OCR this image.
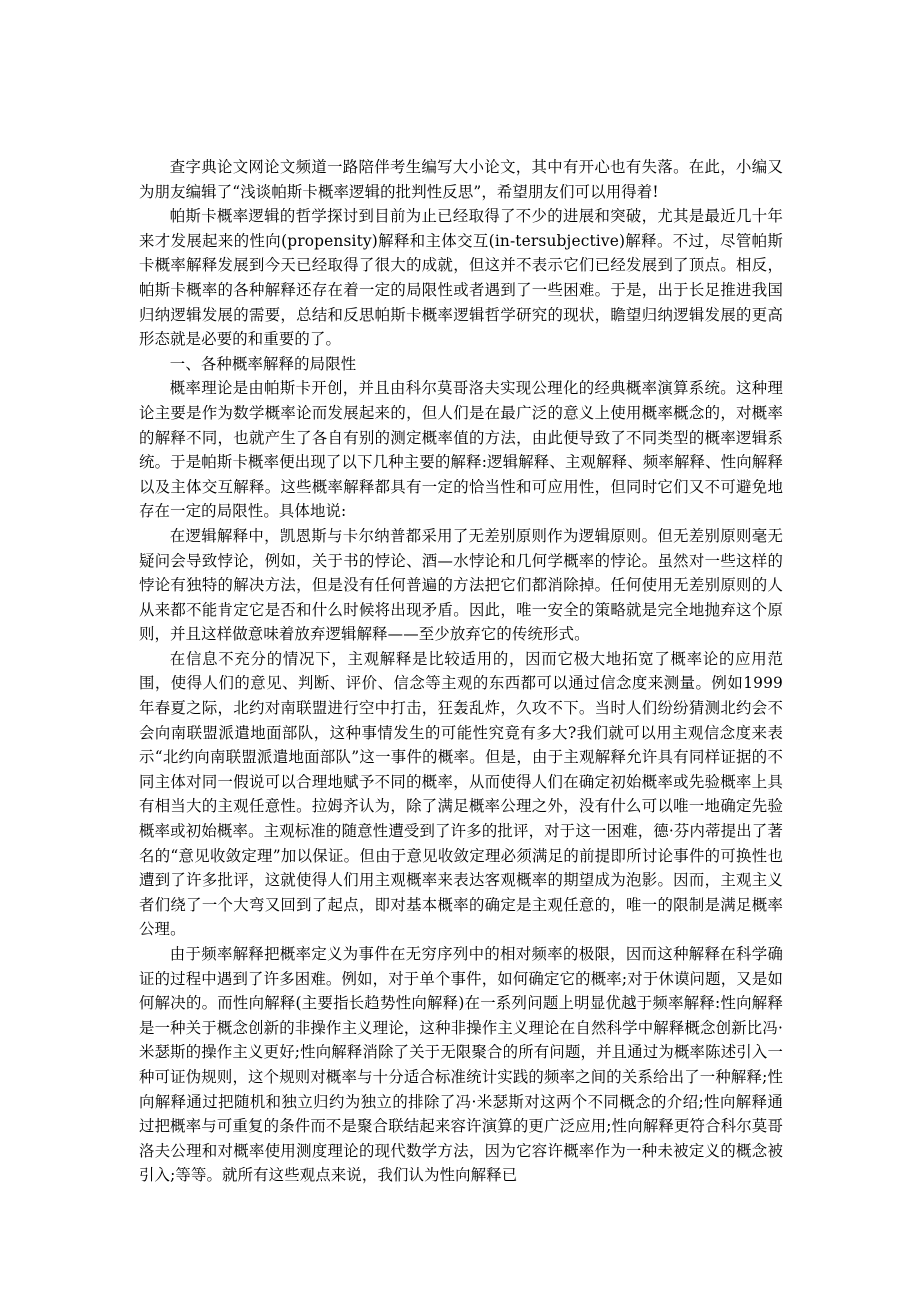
查字典论文网论文频道一路陪伴考生编写大小论文，其中有开心也有失落。在此，小编又为朋友编辑了“浅谈帕斯卡概率逻辑的批判性反思”，希望朋友们可以用得着!

帕斯卡概率逻辑的哲学探讨到目前为止已经取得了不少的进展和突破，尤其是最近几十年来才发展起来的性向(propensity)解释和主体交互(in-tersubjective)解释。不过，尽管帕斯卡概率解释发展到今天已经取得了很大的成就，但这并不表示它们已经发展到了顶点。相反，帕斯卡概率的各种解释还存在着一定的局限性或者遇到了一些困难。于是，出于长足推进我国归纳逻辑发展的需要，总结和反思帕斯卡概率逻辑哲学研究的现状，瞻望归纳逻辑发展的更高形态就是必要的和重要的了。

一、各种概率解释的局限性

概率理论是由帕斯卡开创，并且由科尔莫哥洛夫实现公理化的经典概率演算系统。这种理论主要是作为数学概率论而发展起来的，但人们是在最广泛的意义上使用概率概念的，对概率的解释不同，也就产生了各自有别的测定概率值的方法，由此便导致了不同类型的概率逻辑系统。于是帕斯卡概率便出现了以下几种主要的解释:逻辑解释、主观解释、频率解释、性向解释以及主体交互解释。这些概率解释都具有一定的恰当性和可应用性，但同时它们又不可避免地存在一定的局限性。具体地说:

在逻辑解释中，凯恩斯与卡尔纳普都采用了无差别原则作为逻辑原则。但无差别原则毫无疑问会导致悖论，例如，关于书的悖论、酒—水悖论和几何学概率的悖论。虽然对一些这样的悖论有独特的解决方法，但是没有任何普遍的方法把它们都消除掉。任何使用无差别原则的人从来都不能肯定它是否和什么时候将出现矛盾。因此，唯一安全的策略就是完全地抛弃这个原则，并且这样做意味着放弃逻辑解释——至少放弃它的传统形式。

在信息不充分的情况下，主观解释是比较适用的，因而它极大地拓宽了概率论的应用范围，使得人们的意见、判断、评价、信念等主观的东西都可以通过信念度来测量。例如1999年春夏之际，北约对南联盟进行空中打击，狂轰乱炸，久攻不下。当时人们纷纷猜测北约会不会向南联盟派遣地面部队，这种事情发生的可能性究竟有多大?我们就可以用主观信念度来表示“北约向南联盟派遣地面部队”这一事件的概率。但是，由于主观解释允许具有同样证据的不同主体对同一假说可以合理地赋予不同的概率，从而使得人们在确定初始概率或先验概率上具有相当大的主观任意性。拉姆齐认为，除了满足概率公理之外，没有什么可以唯一地确定先验概率或初始概率。主观标准的随意性遭受到了许多的批评，对于这一困难，德·芬内蒂提出了著名的“意见收敛定理”加以保证。但由于意见收敛定理必须满足的前提即所讨论事件的可换性也遭到了许多批评，这就使得人们用主观概率来表达客观概率的期望成为泡影。因而，主观主义者们绕了一个大弯又回到了起点，即对基本概率的确定是主观任意的，唯一的限制是满足概率公理。

由于频率解释把概率定义为事件在无穷序列中的相对频率的极限，因而这种解释在科学确证的过程中遇到了许多困难。例如，对于单个事件，如何确定它的概率;对于休谟问题，又是如何解决的。而性向解释(主要指长趋势性向解释)在一系列问题上明显优越于频率解释:性向解释是一种关于概念创新的非操作主义理论，这种非操作主义理论在自然科学中解释概念创新比冯·米瑟斯的操作主义更好;性向解释消除了关于无限聚合的所有问题，并且通过为概率陈述引入一种可证伪规则，这个规则对概率与十分适合标准统计实践的频率之间的关系给出了一种解释;性向解释通过把随机和独立归约为独立的排除了冯·米瑟斯对这两个不同概念的介绍;性向解释通过把概率与可重复的条件而不是聚合联结起来容许演算的更广泛应用;性向解释更符合科尔莫哥洛夫公理和对概率使用测度理论的现代数学方法，因为它容许概率作为一种未被定义的概念被引入;等等。就所有这些观点来说，我们认为性向解释已
